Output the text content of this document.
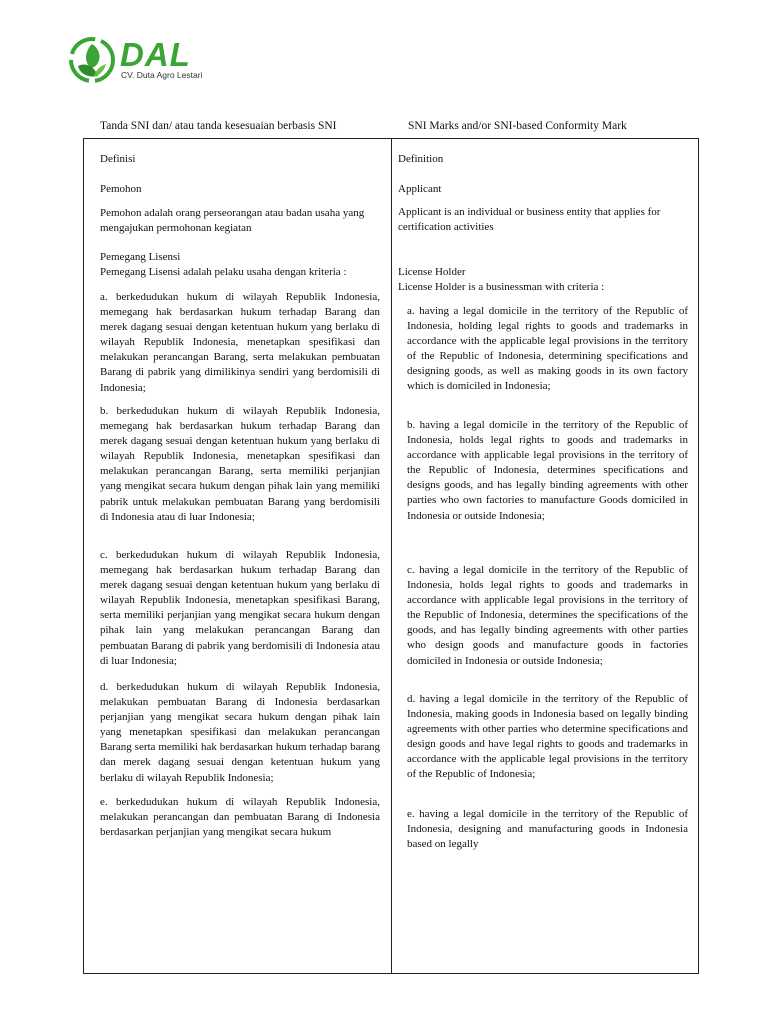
DAL
CV. Duta Agro Lestari
Tanda SNI dan/ atau tanda kesesuaian berbasis SNI	SNI Marks and/or SNI-based Conformity Mark
Definisi
Pemohon
Pemohon adalah orang perseorangan atau badan usaha yang mengajukan permohonan kegiatan
Pemegang Lisensi
Pemegang Lisensi adalah pelaku usaha dengan kriteria :
a. berkedudukan hukum di wilayah Republik Indonesia, memegang hak berdasarkan hukum terhadap Barang dan merek dagang sesuai dengan ketentuan hukum yang berlaku di wilayah Republik Indonesia, menetapkan spesifikasi dan melakukan perancangan Barang, serta melakukan pembuatan Barang di pabrik yang dimilikinya sendiri yang berdomisili di Indonesia;
b. berkedudukan hukum di wilayah Republik Indonesia, memegang hak berdasarkan hukum terhadap Barang dan merek dagang sesuai dengan ketentuan hukum yang berlaku di wilayah Republik Indonesia, menetapkan spesifikasi dan melakukan perancangan Barang, serta memiliki perjanjian yang mengikat secara hukum dengan pihak lain yang memiliki pabrik untuk melakukan pembuatan Barang yang berdomisili di Indonesia atau di luar Indonesia;
c. berkedudukan hukum di wilayah Republik Indonesia, memegang hak berdasarkan hukum terhadap Barang dan merek dagang sesuai dengan ketentuan hukum yang berlaku di wilayah Republik Indonesia, menetapkan spesifikasi Barang, serta memiliki perjanjian yang mengikat secara hukum dengan pihak lain yang melakukan perancangan Barang dan pembuatan Barang di pabrik yang berdomisili di Indonesia atau di luar Indonesia;
d. berkedudukan hukum di wilayah Republik Indonesia, melakukan pembuatan Barang di Indonesia berdasarkan perjanjian yang mengikat secara hukum dengan pihak lain yang menetapkan spesifikasi dan melakukan perancangan Barang serta memiliki hak berdasarkan hukum terhadap barang dan merek dagang sesuai dengan ketentuan hukum yang berlaku di wilayah Republik Indonesia;
e. berkedudukan hukum di wilayah Republik Indonesia, melakukan perancangan dan pembuatan Barang di Indonesia berdasarkan perjanjian yang mengikat secara hukum
Definition
Applicant
Applicant is an individual or business entity that applies for certification activities
License Holder
License Holder is a businessman with criteria :
a. having a legal domicile in the territory of the Republic of Indonesia, holding legal rights to goods and trademarks in accordance with the applicable legal provisions in the territory of the Republic of Indonesia, determining specifications and designing goods, as well as making goods in its own factory which is domiciled in Indonesia;
b. having a legal domicile in the territory of the Republic of Indonesia, holds legal rights to goods and trademarks in accordance with applicable legal provisions in the territory of the Republic of Indonesia, determines specifications and designs goods, and has legally binding agreements with other parties who own factories to manufacture Goods domiciled in Indonesia or outside Indonesia;
c. having a legal domicile in the territory of the Republic of Indonesia, holds legal rights to goods and trademarks in accordance with applicable legal provisions in the territory of the Republic of Indonesia, determines the specifications of the goods, and has legally binding agreements with other parties who design goods and manufacture goods in factories domiciled in Indonesia or outside Indonesia;
d. having a legal domicile in the territory of the Republic of Indonesia, making goods in Indonesia based on legally binding agreements with other parties who determine specifications and design goods and have legal rights to goods and trademarks in accordance with the applicable legal provisions in the territory of the Republic of Indonesia;
e. having a legal domicile in the territory of the Republic of Indonesia, designing and manufacturing goods in Indonesia based on legally
